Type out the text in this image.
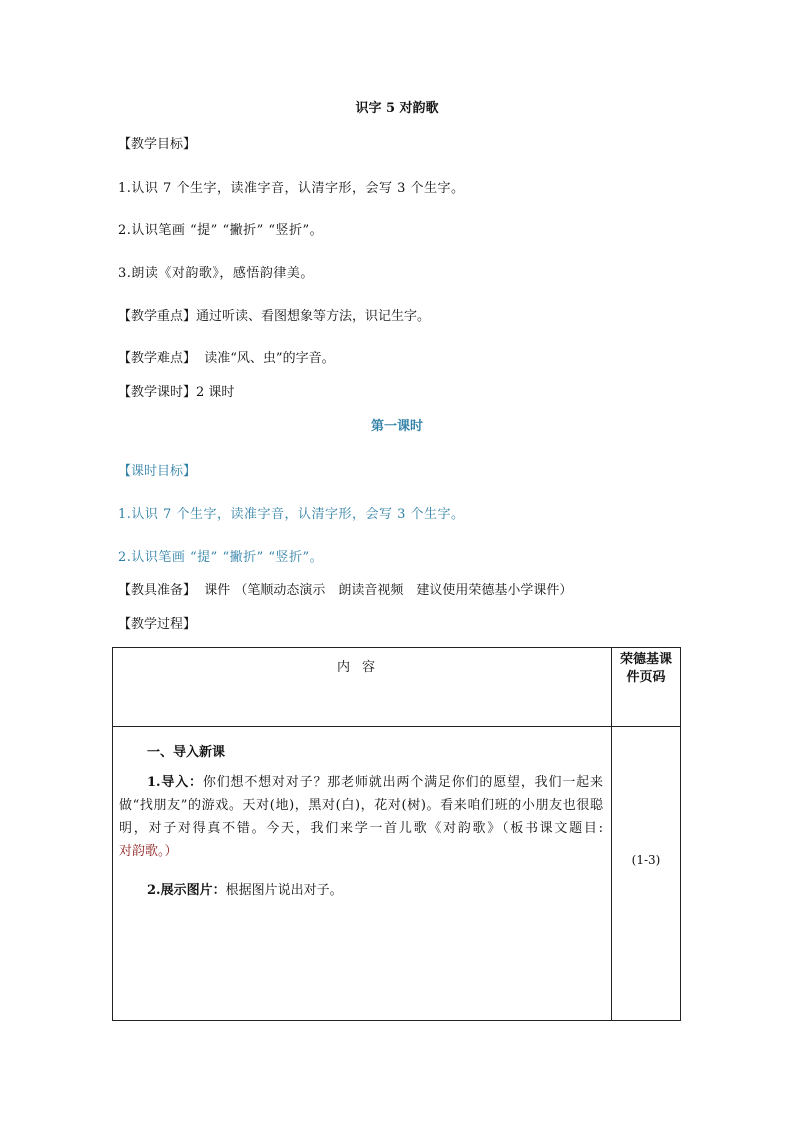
识字 5 对韵歌
【教学目标】
1.认识 7 个生字，读准字音，认清字形，会写 3 个生字。
2.认识笔画 “提” “撇折” “竖折”。
3.朗读《对韵歌》，感悟韵律美。
【教学重点】通过听读、看图想象等方法，识记生字。
【教学难点】 读准“风、虫”的字音。
【教学课时】2 课时
第一课时
【课时目标】
1.认识 7 个生字，读准字音，认清字形，会写 3 个生字。
2.认识笔画 “提” “撇折” “竖折”。
【教具准备】 课件 （笔顺动态演示　朗读音视频　建议使用荣德基小学课件）
【教学过程】
内容	荣德基课件页码

一、导入新课
1.导入：你们想不想对对子？那老师就出两个满足你们的愿望，我们一起来做“找朋友”的游戏。天对(地)，黑对(白)，花对(树)。看来咱们班的小朋友也很聪明，对子对得真不错。今天，我们来学一首儿歌《对韵歌》（板书课文题目:对韵歌。）
2.展示图片：根据图片说出对子。	(1-3)
